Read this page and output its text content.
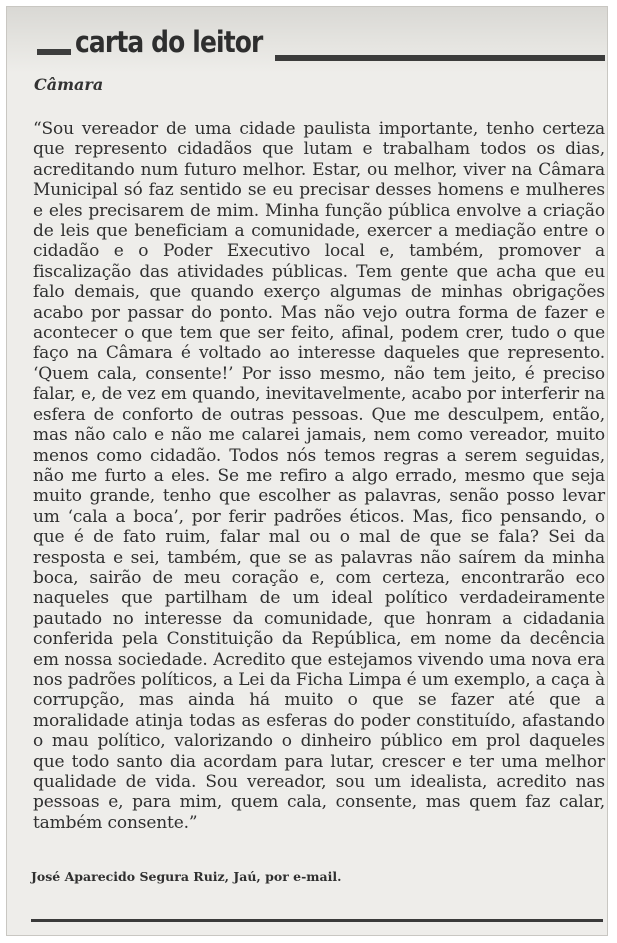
carta do leitor
Câmara

“Sou vereador de uma cidade paulista importante, tenho certeza que represento cidadãos que lutam e trabalham todos os dias, acreditando num futuro melhor. Estar, ou melhor, viver na Câmara Municipal só faz sentido se eu precisar desses homens e mulheres e eles precisarem de mim. Minha função pública envolve a criação de leis que beneficiam a comunidade, exercer a mediação entre o cidadão e o Poder Executivo local e, também, promover a fiscalização das atividades públicas. Tem gente que acha que eu falo demais, que quando exerço algumas de minhas obrigações acabo por passar do ponto. Mas não vejo outra forma de fazer e acontecer o que tem que ser feito, afinal, podem crer, tudo o que faço na Câmara é voltado ao interesse daqueles que represento. ‘Quem cala, consente!’ Por isso mesmo, não tem jeito, é preciso falar, e, de vez em quando, inevitavelmente, acabo por interferir na esfera de conforto de outras pessoas. Que me desculpem, então, mas não calo e não me calarei jamais, nem como vereador, muito menos como cidadão. Todos nós temos regras a serem seguidas, não me furto a eles. Se me refiro a algo errado, mesmo que seja muito grande, tenho que escolher as palavras, senão posso levar um ‘cala a boca’, por ferir padrões éticos. Mas, fico pensando, o que é de fato ruim, falar mal ou o mal de que se fala? Sei da resposta e sei, também, que se as palavras não saírem da minha boca, sairão de meu coração e, com certeza, encontrarão eco naqueles que partilham de um ideal político verdadeiramente pautado no interesse da comunidade, que honram a cidadania conferida pela Constituição da República, em nome da decência em nossa sociedade. Acredito que estejamos vivendo uma nova era nos padrões políticos, a Lei da Ficha Limpa é um exemplo, a caça à corrupção, mas ainda há muito o que se fazer até que a moralidade atinja todas as esferas do poder constituído, afastando o mau político, valorizando o dinheiro público em prol daqueles que todo santo dia acordam para lutar, crescer e ter uma melhor qualidade de vida. Sou vereador, sou um idealista, acredito nas pessoas e, para mim, quem cala, consente, mas quem faz calar, também consente.”

José Aparecido Segura Ruiz, Jaú, por e-mail.
